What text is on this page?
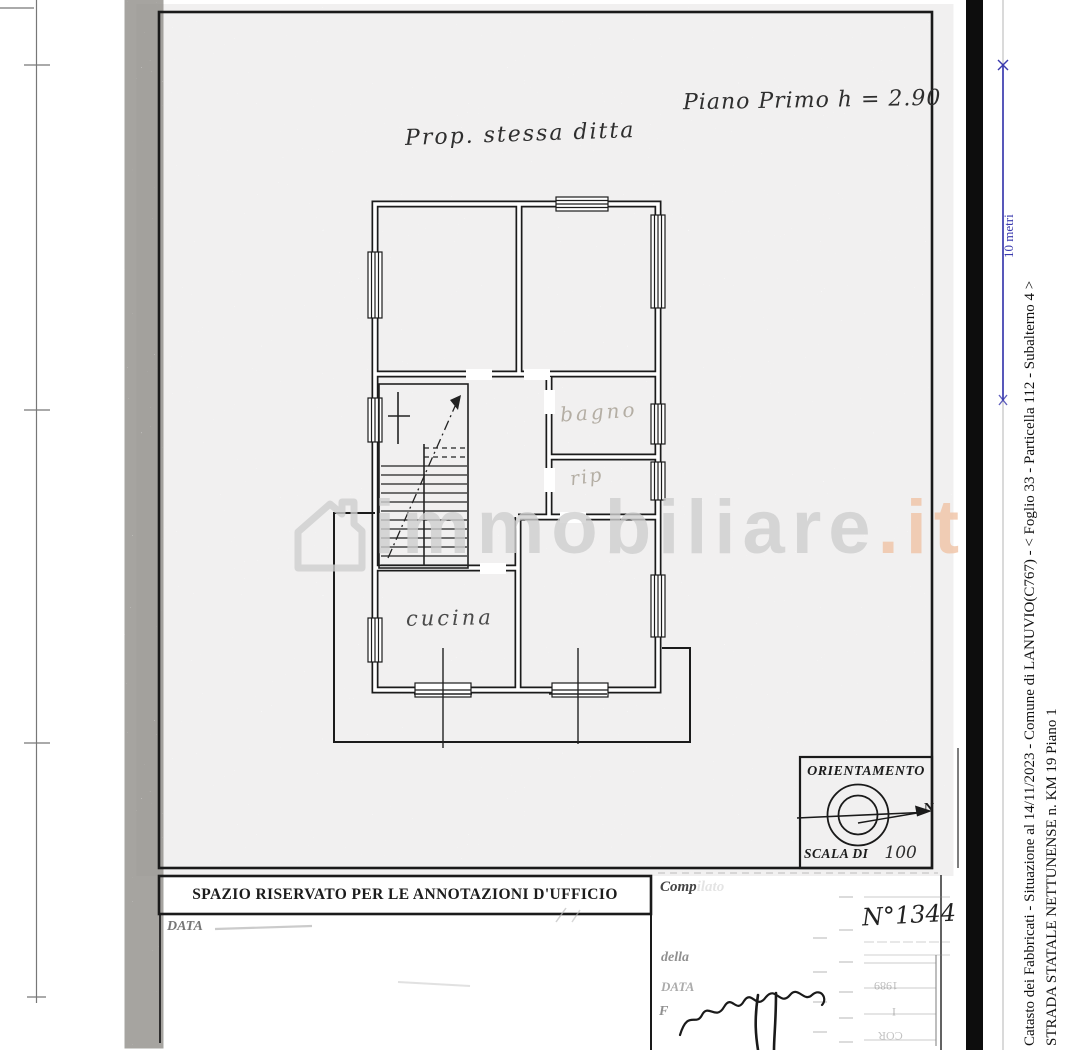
immobiliare.it
Prop. stessa ditta
Piano Primo h = 2.90
bagno
rip
cucina
ORIENTAMENTO
N
SCALA DI 100
SPAZIO RISERVATO PER LE ANNOTAZIONI D'UFFICIO
DATA
Compilato
della
DATA
F
N°1344
1989
I
COR
10 metri
Catasto dei Fabbricati - Situazione al 14/11/2023 - Comune di LANUVIO(C767) - < Foglio 33 - Particella 112 - Subalterno 4 > STRADA STATALE NETTUNENSE n. KM 19 Piano 1
